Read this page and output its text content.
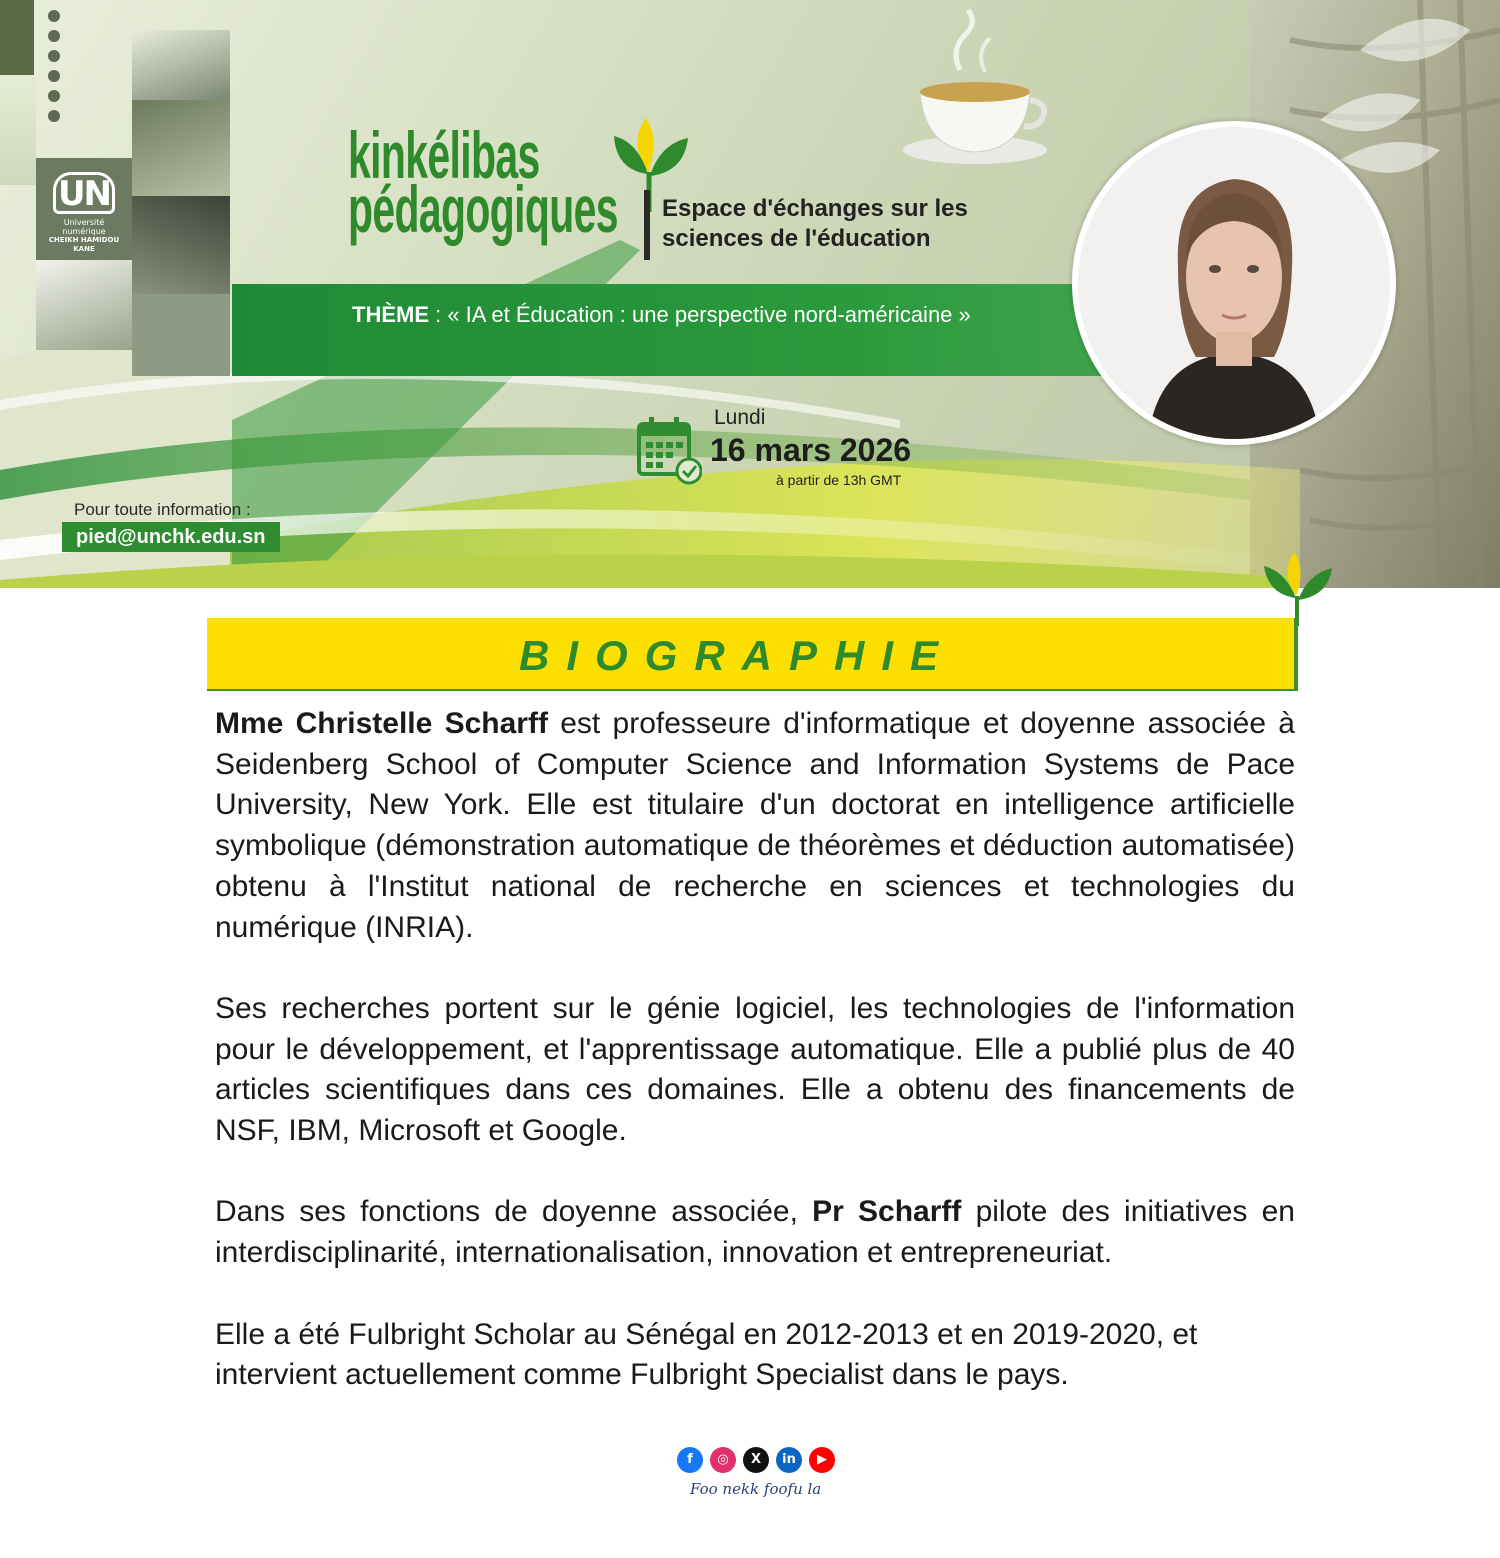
UN
Université numérique
CHEIKH HAMIDOU KANE
kinkélibas
pédagogiques Espace d'échanges sur les
sciences de l'éducation
THÈME : « IA et Éducation : une perspective nord-américaine »
Lundi
16 mars 2026
à partir de 13h GMT
Pour toute information :
pied@unchk.edu.sn
BIOGRAPHIE

Mme Christelle Scharff est professeure d'informatique et doyenne associée à Seidenberg School of Computer Science and Information Systems de Pace University, New York. Elle est titulaire d'un doctorat en intelligence artificielle symbolique (démonstration automatique de théorèmes et déduction automatisée) obtenu à l'Institut national de recherche en sciences et technologies du numérique (INRIA).

Ses recherches portent sur le génie logiciel, les technologies de l'information pour le développement, et l'apprentissage automatique. Elle a publié plus de 40 articles scientifiques dans ces domaines. Elle a obtenu des financements de NSF, IBM, Microsoft et Google.

Dans ses fonctions de doyenne associée, Pr Scharff pilote des initiatives en interdisciplinarité, internationalisation, innovation et entrepreneuriat.

Elle a été Fulbright Scholar au Sénégal en 2012-2013 et en 2019-2020, et intervient actuellement comme Fulbright Specialist dans le pays.

f	◎	X	in	▶
Foo nekk foofu la
